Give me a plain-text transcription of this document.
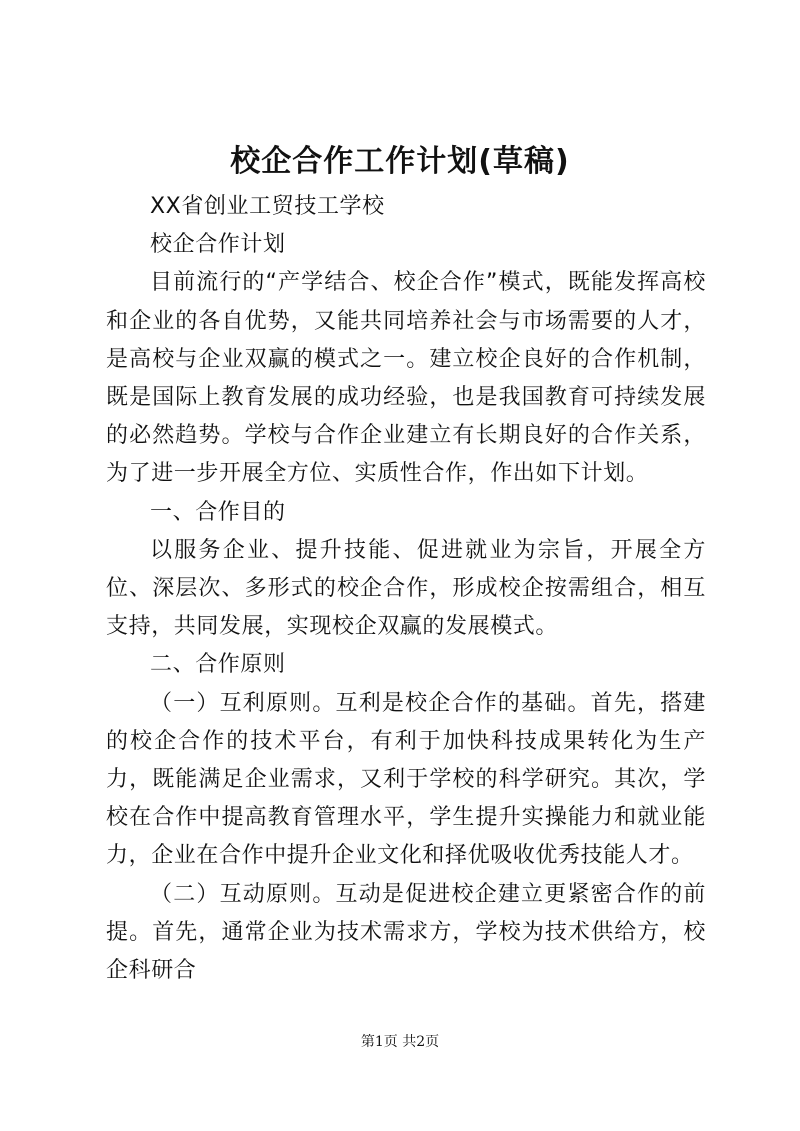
校企合作工作计划(草稿)

XX省创业工贸技工学校

校企合作计划

目前流行的“产学结合、校企合作”模式，既能发挥高校和企业的各自优势，又能共同培养社会与市场需要的人才，是高校与企业双赢的模式之一。建立校企良好的合作机制，既是国际上教育发展的成功经验，也是我国教育可持续发展的必然趋势。学校与合作企业建立有长期良好的合作关系，为了进一步开展全方位、实质性合作，作出如下计划。

一、合作目的

以服务企业、提升技能、促进就业为宗旨，开展全方位、深层次、多形式的校企合作，形成校企按需组合，相互支持，共同发展，实现校企双赢的发展模式。

二、合作原则

（一）互利原则。互利是校企合作的基础。首先，搭建的校企合作的技术平台，有利于加快科技成果转化为生产力，既能满足企业需求，又利于学校的科学研究。其次，学校在合作中提高教育管理水平，学生提升实操能力和就业能力，企业在合作中提升企业文化和择优吸收优秀技能人才。

（二）互动原则。互动是促进校企建立更紧密合作的前提。首先，通常企业为技术需求方，学校为技术供给方，校企科研合

第1页 共2页
